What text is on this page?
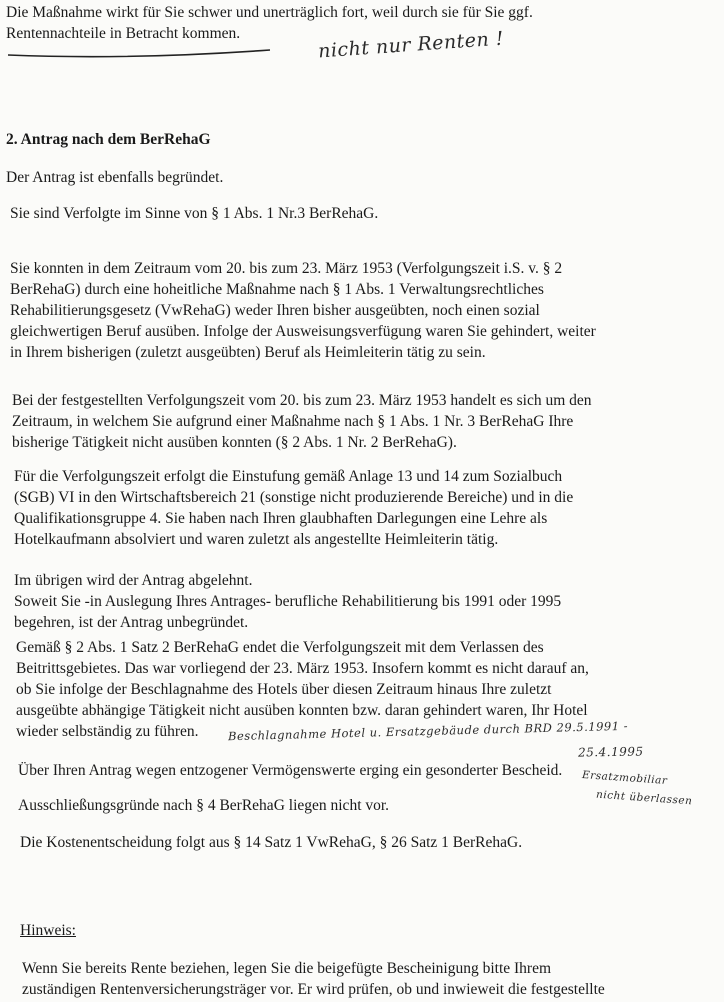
Die Maßnahme wirkt für Sie schwer und unerträglich fort, weil durch sie für Sie ggf.
Rentennachteile in Betracht kommen.	nicht nur Renten !
2. Antrag nach dem BerRehaG
Der Antrag ist ebenfalls begründet.
Sie sind Verfolgte im Sinne von § 1 Abs. 1 Nr.3 BerRehaG.
Sie konnten in dem Zeitraum vom 20. bis zum 23. März 1953 (Verfolgungszeit i.S. v. § 2
BerRehaG) durch eine hoheitliche Maßnahme nach § 1 Abs. 1 Verwaltungsrechtliches
Rehabilitierungsgesetz (VwRehaG) weder Ihren bisher ausgeübten, noch einen sozial
gleichwertigen Beruf ausüben. Infolge der Ausweisungsverfügung waren Sie gehindert, weiter
in Ihrem bisherigen (zuletzt ausgeübten) Beruf als Heimleiterin tätig zu sein.
Bei der festgestellten Verfolgungszeit vom 20. bis zum 23. März 1953 handelt es sich um den
Zeitraum, in welchem Sie aufgrund einer Maßnahme nach § 1 Abs. 1 Nr. 3 BerRehaG Ihre
bisherige Tätigkeit nicht ausüben konnten (§ 2 Abs. 1 Nr. 2 BerRehaG).
Für die Verfolgungszeit erfolgt die Einstufung gemäß Anlage 13 und 14 zum Sozialbuch
(SGB) VI in den Wirtschaftsbereich 21 (sonstige nicht produzierende Bereiche) und in die
Qualifikationsgruppe 4. Sie haben nach Ihren glaubhaften Darlegungen eine Lehre als
Hotelkaufmann absolviert und waren zuletzt als angestellte Heimleiterin tätig.
Im übrigen wird der Antrag abgelehnt.
Soweit Sie -in Auslegung Ihres Antrages- berufliche Rehabilitierung bis 1991 oder 1995
begehren, ist der Antrag unbegründet.
Gemäß § 2 Abs. 1 Satz 2 BerRehaG endet die Verfolgungszeit mit dem Verlassen des
Beitrittsgebietes. Das war vorliegend der 23. März 1953. Insofern kommt es nicht darauf an,
ob Sie infolge der Beschlagnahme des Hotels über diesen Zeitraum hinaus Ihre zuletzt
ausgeübte abhängige Tätigkeit nicht ausüben konnten bzw. daran gehindert waren, Ihr Hotel
wieder selbständig zu führen.	Beschlagnahme Hotel u. Ersatzgebäude durch BRD 29.5.1991 -
25.4.1995
Über Ihren Antrag wegen entzogener Vermögenswerte erging ein gesonderter Bescheid. Ersatzmobiliar
nicht überlassen
Ausschließungsgründe nach § 4 BerRehaG liegen nicht vor.
Die Kostenentscheidung folgt aus § 14 Satz 1 VwRehaG, § 26 Satz 1 BerRehaG.
Hinweis:
Wenn Sie bereits Rente beziehen, legen Sie die beigefügte Bescheinigung bitte Ihrem
zuständigen Rentenversicherungsträger vor. Er wird prüfen, ob und inwieweit die festgestellte
